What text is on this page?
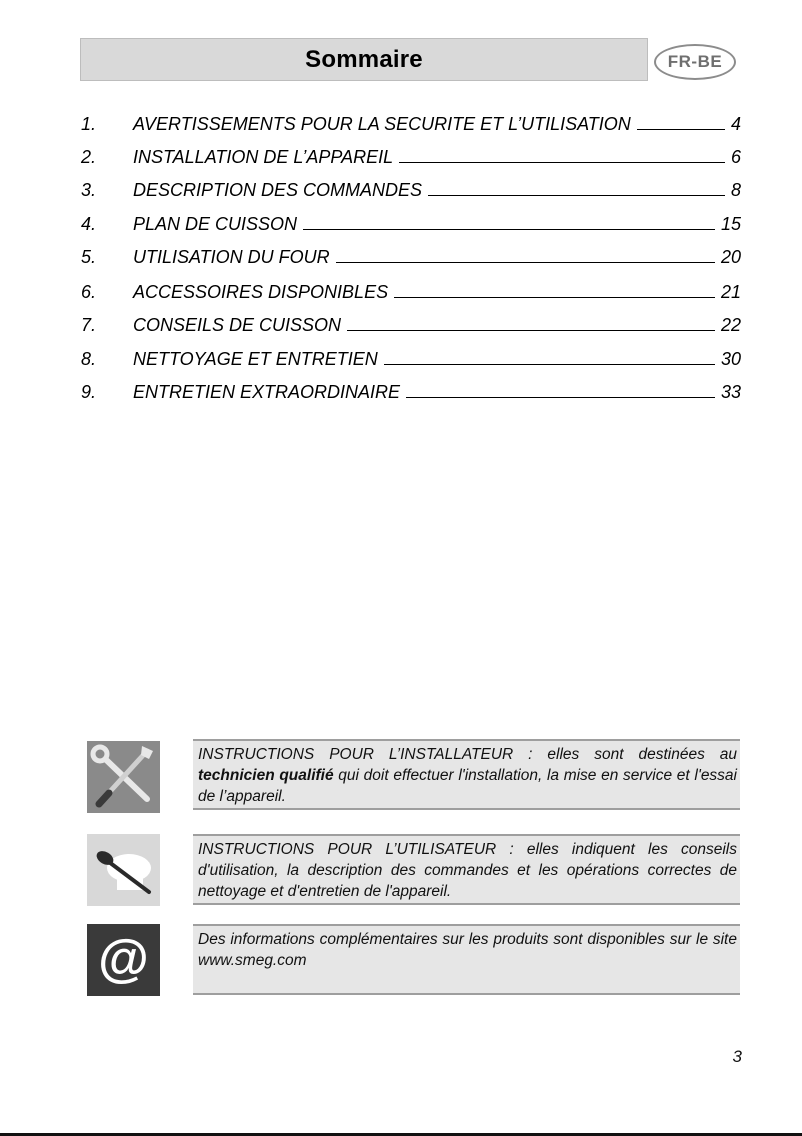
Sommaire	FR-BE
1. AVERTISSEMENTS POUR LA SECURITE ET L’UTILISATION	4
2. INSTALLATION DE L’APPAREIL	6
3. DESCRIPTION DES COMMANDES	8
4. PLAN DE CUISSON	15
5. UTILISATION DU FOUR	20
6. ACCESSOIRES DISPONIBLES	21
7. CONSEILS DE CUISSON	22
8. NETTOYAGE ET ENTRETIEN	30
9. ENTRETIEN EXTRAORDINAIRE	33
INSTRUCTIONS POUR L’INSTALLATEUR : elles sont destinées au technicien qualifié qui doit effectuer l'installation, la mise en service et l'essai de l’appareil.
INSTRUCTIONS POUR L’UTILISATEUR : elles indiquent les conseils d'utilisation, la description des commandes et les opérations correctes de nettoyage et d'entretien de l'appareil.
@	Des informations complémentaires sur les produits sont disponibles sur le site www.smeg.com
3
